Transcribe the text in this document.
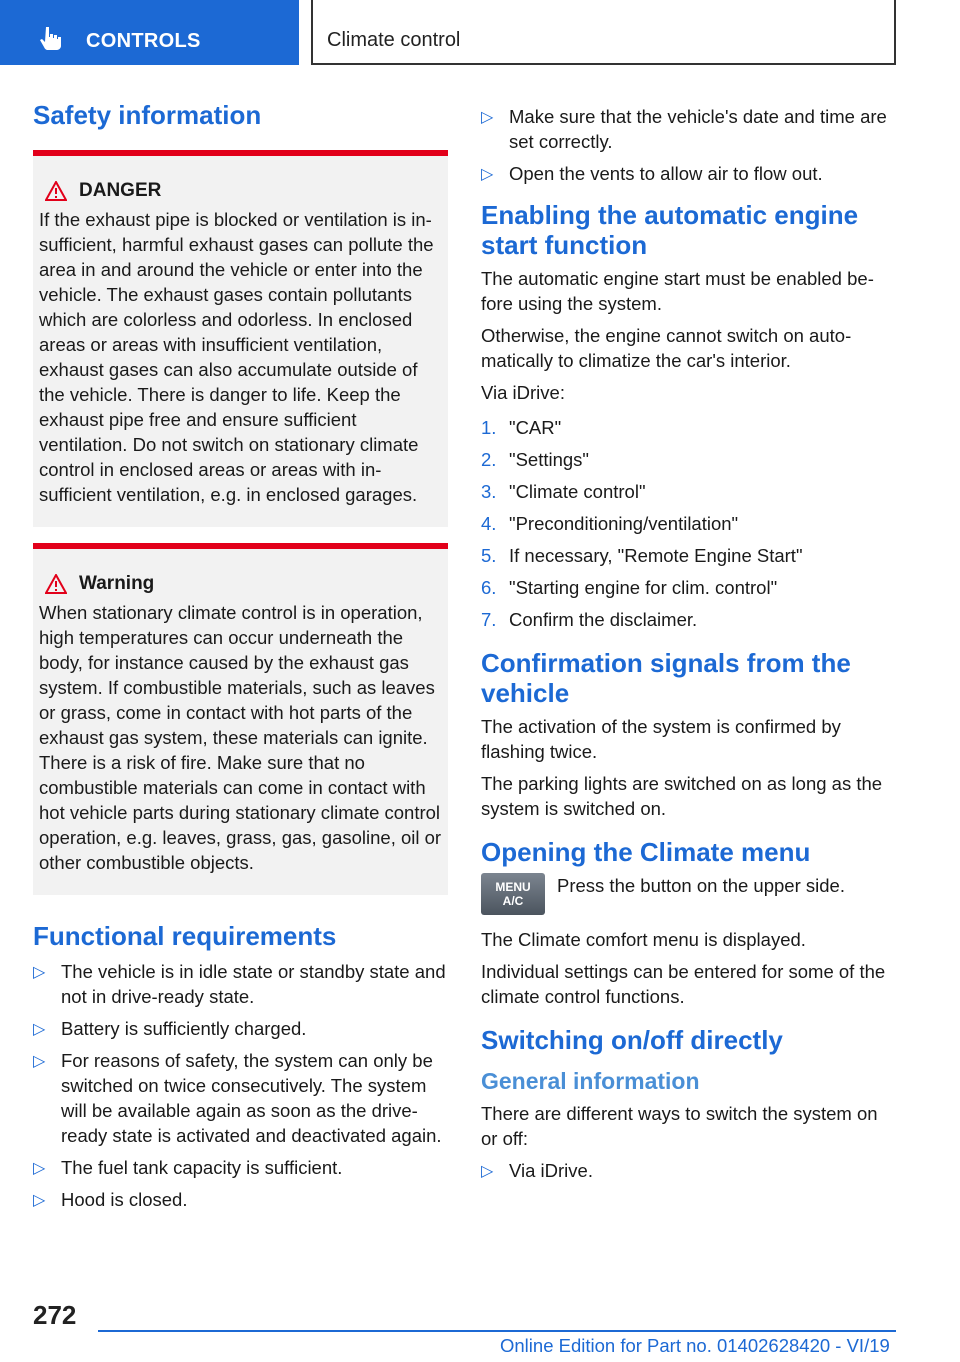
CONTROLS	Climate control
Safety information
DANGER

If the exhaust pipe is blocked or ventilation is insufficient, harmful exhaust gases can pollute the area in and around the vehicle or enter into the vehicle. The exhaust gases contain pollutants which are colorless and odorless. In enclosed areas or areas with insufficient ventilation, exhaust gases can also accumulate outside of the vehicle. There is danger to life. Keep the exhaust pipe free and ensure sufficient ventilation. Do not switch on stationary climate control in enclosed areas or areas with insufficient ventilation, e.g. in enclosed garages.

Warning

When stationary climate control is in operation, high temperatures can occur underneath the body, for instance caused by the exhaust gas system. If combustible materials, such as leaves or grass, come in contact with hot parts of the exhaust gas system, these materials can ignite. There is a risk of fire. Make sure that no combustible materials can come in contact with hot vehicle parts during stationary climate control operation, e.g. leaves, grass, gas, gasoline, oil or other combustible objects.

Functional requirements
▷ The vehicle is in idle state or standby state and not in drive-ready state.
▷ Battery is sufficiently charged.
▷ For reasons of safety, the system can only be switched on twice consecutively. The system will be available again as soon as the drive-ready state is activated and deactivated again.
▷ The fuel tank capacity is sufficient.
▷ Hood is closed.
▷ Make sure that the vehicle's date and time are set correctly.
▷ Open the vents to allow air to flow out.
Enabling the automatic engine start function

The automatic engine start must be enabled before using the system.

Otherwise, the engine cannot switch on automatically to climatize the car's interior.

Via iDrive:

1. "CAR"
2. "Settings"
3. "Climate control"
4. "Preconditioning/ventilation"
5. If necessary, "Remote Engine Start"
6. "Starting engine for clim. control"
7. Confirm the disclaimer.
Confirmation signals from the vehicle

The activation of the system is confirmed by flashing twice.

The parking lights are switched on as long as the system is switched on.

Opening the Climate menu
MENU
A/C

Press the button on the upper side.

The Climate comfort menu is displayed.

Individual settings can be entered for some of the climate control functions.

Switching on/off directly
General information

There are different ways to switch the system on or off:

▷ Via iDrive.
272
Online Edition for Part no. 01402628420 - VI/19
